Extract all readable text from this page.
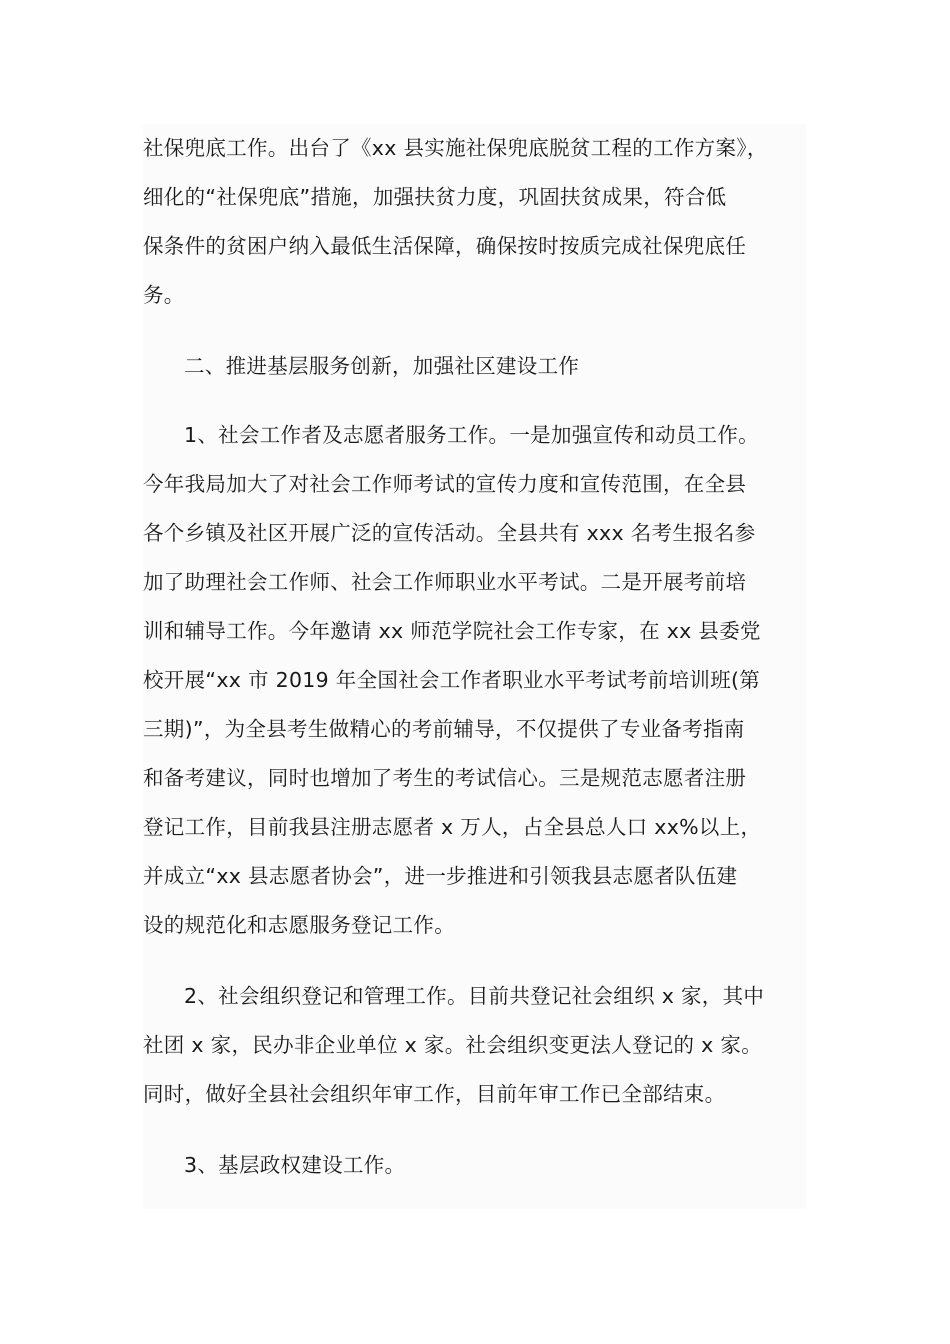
社保兜底工作。出台了《xx 县实施社保兜底脱贫工程的工作方案》，
细化的“社保兜底”措施，加强扶贫力度，巩固扶贫成果，符合低
保条件的贫困户纳入最低生活保障，确保按时按质完成社保兜底任
务。
二、推进基层服务创新，加强社区建设工作
1、社会工作者及志愿者服务工作。一是加强宣传和动员工作。
今年我局加大了对社会工作师考试的宣传力度和宣传范围，在全县
各个乡镇及社区开展广泛的宣传活动。全县共有 xxx 名考生报名参
加了助理社会工作师、社会工作师职业水平考试。二是开展考前培
训和辅导工作。今年邀请 xx 师范学院社会工作专家，在 xx 县委党
校开展“xx 市 2019 年全国社会工作者职业水平考试考前培训班(第
三期)”，为全县考生做精心的考前辅导，不仅提供了专业备考指南
和备考建议，同时也增加了考生的考试信心。三是规范志愿者注册
登记工作，目前我县注册志愿者 x 万人，占全县总人口 xx%以上，
并成立“xx 县志愿者协会”，进一步推进和引领我县志愿者队伍建
设的规范化和志愿服务登记工作。
2、社会组织登记和管理工作。目前共登记社会组织 x 家，其中
社团 x 家，民办非企业单位 x 家。社会组织变更法人登记的 x 家。
同时，做好全县社会组织年审工作，目前年审工作已全部结束。
3、基层政权建设工作。
